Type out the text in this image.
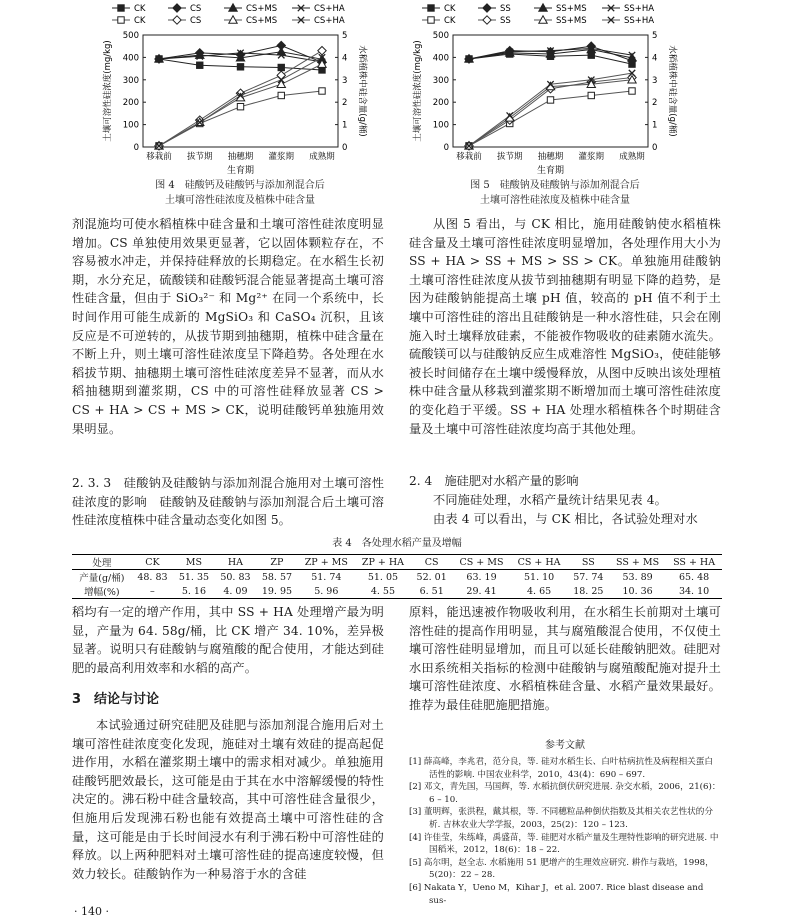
CK	CS	CS+MS	CS+HA
CK	CS	CS+MS	CS+HA
0
100
200
300
400
500
0
1
2
3
4
5
移栽前 拔节期 抽穗期 灌浆期 成熟期
生育期
土壤可溶性硅浓度(mg/kg)	水稻植株中硅含量(g/桶)
图 4　硅酸钙及硅酸钙与添加剂混合后
土壤可溶性硅浓度及植株中硅含量
CK	SS	SS+MS	SS+HA
CK	SS	SS+MS	SS+HA
0
100
200
300
400
500
0
1
2
3
4
5
移栽前 拔节期 抽穗期 灌浆期 成熟期
生育期
土壤可溶性硅浓度(mg/kg)	水稻植株中硅含量(g/桶)
图 5　硅酸钠及硅酸钠与添加剂混合后
土壤可溶性硅浓度及植株中硅含量
剂混施均可使水稻植株中硅含量和土壤可溶性硅浓度明显增加。CS 单独使用效果更显著，它以固体颗粒存在，不容易被水冲走，并保持硅释放的长期稳定。在水稻生长初期，水分充足，硫酸镁和硅酸钙混合能显著提高土壤可溶性硅含量，但由于 SiO₃²⁻ 和 Mg²⁺ 在同一个系统中，长时间作用可能生成新的 MgSiO₃ 和 CaSO₄ 沉积，且该反应是不可逆转的，从拔节期到抽穗期，植株中硅含量在不断上升，则土壤可溶性硅浓度呈下降趋势。各处理在水稻拔节期、抽穗期土壤可溶性硅浓度差异不显著，而从水稻抽穗期到灌浆期，CS 中的可溶性硅释放显著 CS > CS + HA > CS + MS > CK，说明硅酸钙单独施用效果明显。
2. 3. 3　硅酸钠及硅酸钠与添加剂混合施用对土壤可溶性硅浓度的影响　硅酸钠及硅酸钠与添加剂混合后土壤可溶性硅浓度植株中硅含量动态变化如图 5。
从图 5 看出，与 CK 相比，施用硅酸钠使水稻植株硅含量及土壤可溶性硅浓度明显增加，各处理作用大小为 SS + HA > SS + MS > SS > CK。单独施用硅酸钠土壤可溶性硅浓度从拔节到抽穗期有明显下降的趋势，是因为硅酸钠能提高土壤 pH 值，较高的 pH 值不利于土壤中可溶性硅的溶出且硅酸钠是一种水溶性硅，只会在刚施入时土壤释放硅素，不能被作物吸收的硅素随水流失。硫酸镁可以与硅酸钠反应生成难溶性 MgSiO₃，使硅能够被长时间储存在土壤中缓慢释放，从图中反映出该处理植株中硅含量从移栽到灌浆期不断增加而土壤可溶性硅浓度的变化趋于平缓。SS + HA 处理水稻植株各个时期硅含量及土壤中可溶性硅浓度均高于其他处理。
2. 4　施硅肥对水稻产量的影响
不同施硅处理，水稻产量统计结果见表 4。
由表 4 可以看出，与 CK 相比，各试验处理对水
表 4　各处理水稻产量及增幅
处理	CK	MS	HA	ZP	ZP + MS	ZP + HA	CS	CS + MS	CS + HA	SS	SS + MS	SS + HA
产量(g/桶)	48. 83	51. 35	50. 83	58. 57	51. 74	51. 05	52. 01	63. 19	51. 10	57. 74	53. 89	65. 48
增幅(%)	–	5. 16	4. 09	19. 95	5. 96	4. 55	6. 51	29. 41	4. 65	18. 25	10. 36	34. 10
稻均有一定的增产作用，其中 SS + HA 处理增产最为明显，产量为 64. 58g/桶，比 CK 增产 34. 10%，差异极显著。说明只有硅酸钠与腐殖酸的配合使用，才能达到硅肥的最高利用效率和水稻的高产。
3　结论与讨论
本试验通过研究硅肥及硅肥与添加剂混合施用后对土壤可溶性硅浓度变化发现，施硅对土壤有效硅的提高起促进作用，水稻在灌浆期土壤中的需求相对减少。单独施用硅酸钙肥效最长，这可能是由于其在水中溶解缓慢的特性决定的。沸石粉中硅含量较高，其中可溶性硅含量很少，但施用后发现沸石粉也能有效提高土壤中可溶性硅的含量，这可能是由于长时间浸水有利于沸石粉中可溶性硅的释放。以上两种肥料对土壤可溶性硅的提高速度较慢，但效力较长。硅酸钠作为一种易溶于水的含硅
· 140 ·
原料，能迅速被作物吸收利用，在水稻生长前期对土壤可溶性硅的提高作用明显，其与腐殖酸混合使用，不仅使土壤可溶性硅明显增加，而且可以延长硅酸钠肥效。硅肥对水田系统相关指标的检测中硅酸钠与腐殖酸配施对提升土壤可溶性硅浓度、水稻植株硅含量、水稻产量效果最好。推荐为最佳硅肥施肥措施。
参考文献
[1] 薛高峰，李兆君，范分良，等. 硅对水稻生长、白叶枯病抗性及病程相关蛋白活性的影响. 中国农业科学，2010，43(4)：690 – 697.
[2] 邓文，青先国，马国辉，等. 水稻抗倒伏研究进展. 杂交水稻，2006，21(6)：6 – 10.
[3] 董明辉，张洪程，戴其根，等. 不同穗粒品种倒伏指数及其相关农艺性状的分析. 吉林农业大学学报，2003，25(2)：120 – 123.
[4] 许佳莹，朱练峰，禹盛苗，等. 硅肥对水稻产量及生理特性影响的研究进展. 中国稻米，2012，18(6)：18 – 22.
[5] 高尔明，赵全志. 水稻施用 51 肥增产的生理效应研究. 耕作与栽培，1998，5(20)：22 – 28.
[6] Nakata Y，Ueno M，Kihar J，et al. 2007. Rice blast disease and sus-
